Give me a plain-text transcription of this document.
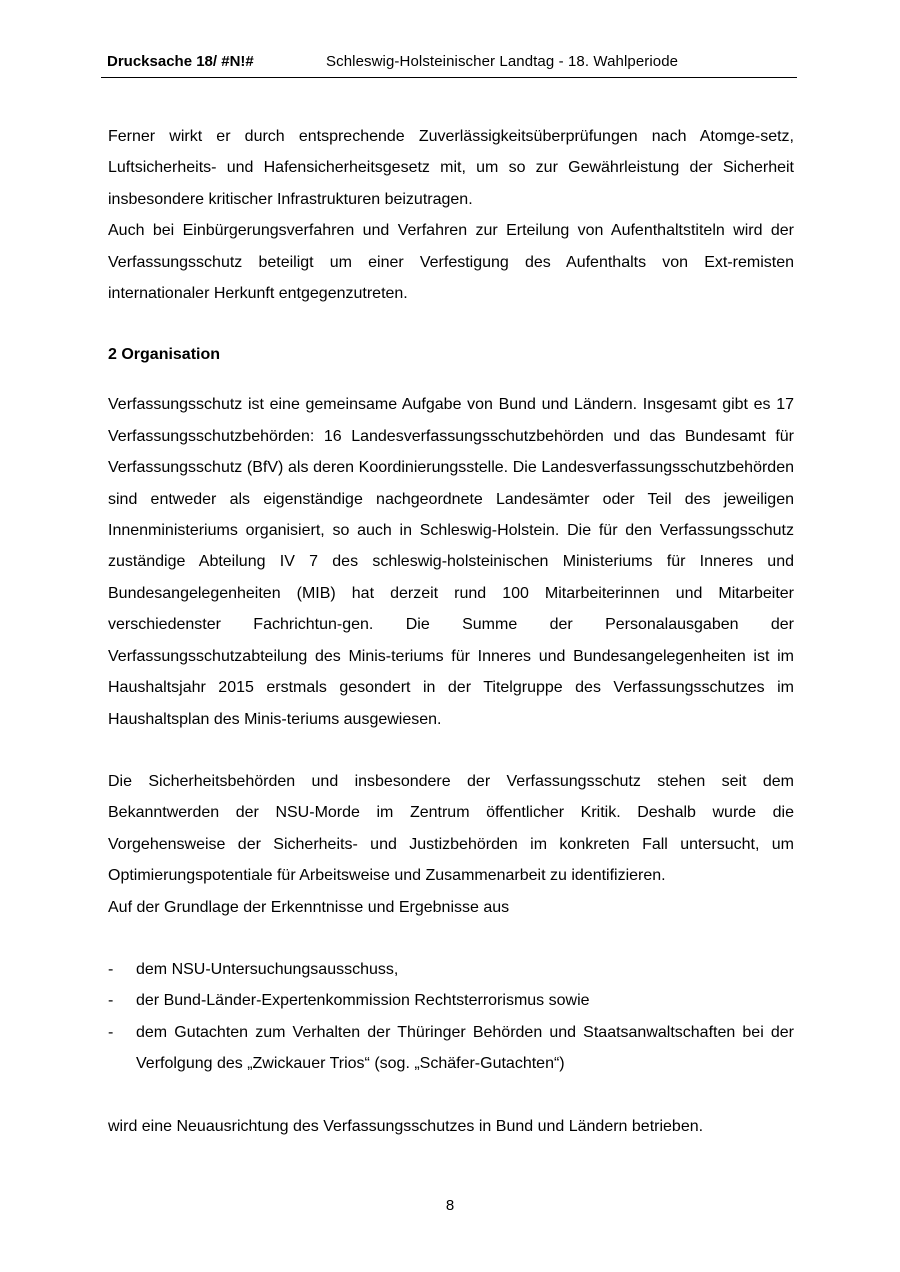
Drucksache 18/ #N!#	Schleswig-Holsteinischer Landtag - 18. Wahlperiode

Ferner wirkt er durch entsprechende Zuverlässigkeitsüberprüfungen nach Atomge-setz, Luftsicherheits- und Hafensicherheitsgesetz mit, um so zur Gewährleistung der Sicherheit insbesondere kritischer Infrastrukturen beizutragen.

Auch bei Einbürgerungsverfahren und Verfahren zur Erteilung von Aufenthaltstiteln wird der Verfassungsschutz beteiligt um einer Verfestigung des Aufenthalts von Ext-remisten internationaler Herkunft entgegenzutreten.

2 Organisation

Verfassungsschutz ist eine gemeinsame Aufgabe von Bund und Ländern. Insgesamt gibt es 17 Verfassungsschutzbehörden: 16 Landesverfassungsschutzbehörden und das Bundesamt für Verfassungsschutz (BfV) als deren Koordinierungsstelle. Die Landesverfassungsschutzbehörden sind entweder als eigenständige nachgeordnete Landesämter oder Teil des jeweiligen Innenministeriums organisiert, so auch in Schleswig-Holstein. Die für den Verfassungsschutz zuständige Abteilung IV 7 des schleswig-holsteinischen Ministeriums für Inneres und Bundesangelegenheiten (MIB) hat derzeit rund 100 Mitarbeiterinnen und Mitarbeiter verschiedenster Fachrichtun-gen. Die Summe der Personalausgaben der Verfassungsschutzabteilung des Minis-teriums für Inneres und Bundesangelegenheiten ist im Haushaltsjahr 2015 erstmals gesondert in der Titelgruppe des Verfassungsschutzes im Haushaltsplan des Minis-teriums ausgewiesen.

Die Sicherheitsbehörden und insbesondere der Verfassungsschutz stehen seit dem Bekanntwerden der NSU-Morde im Zentrum öffentlicher Kritik. Deshalb wurde die Vorgehensweise der Sicherheits- und Justizbehörden im konkreten Fall untersucht, um Optimierungspotentiale für Arbeitsweise und Zusammenarbeit zu identifizieren.

Auf der Grundlage der Erkenntnisse und Ergebnisse aus

- dem NSU-Untersuchungsausschuss,
- der Bund-Länder-Expertenkommission Rechtsterrorismus sowie
- dem Gutachten zum Verhalten der Thüringer Behörden und Staatsanwaltschaften bei der Verfolgung des „Zwickauer Trios“ (sog. „Schäfer-Gutachten“)

wird eine Neuausrichtung des Verfassungsschutzes in Bund und Ländern betrieben.

8
